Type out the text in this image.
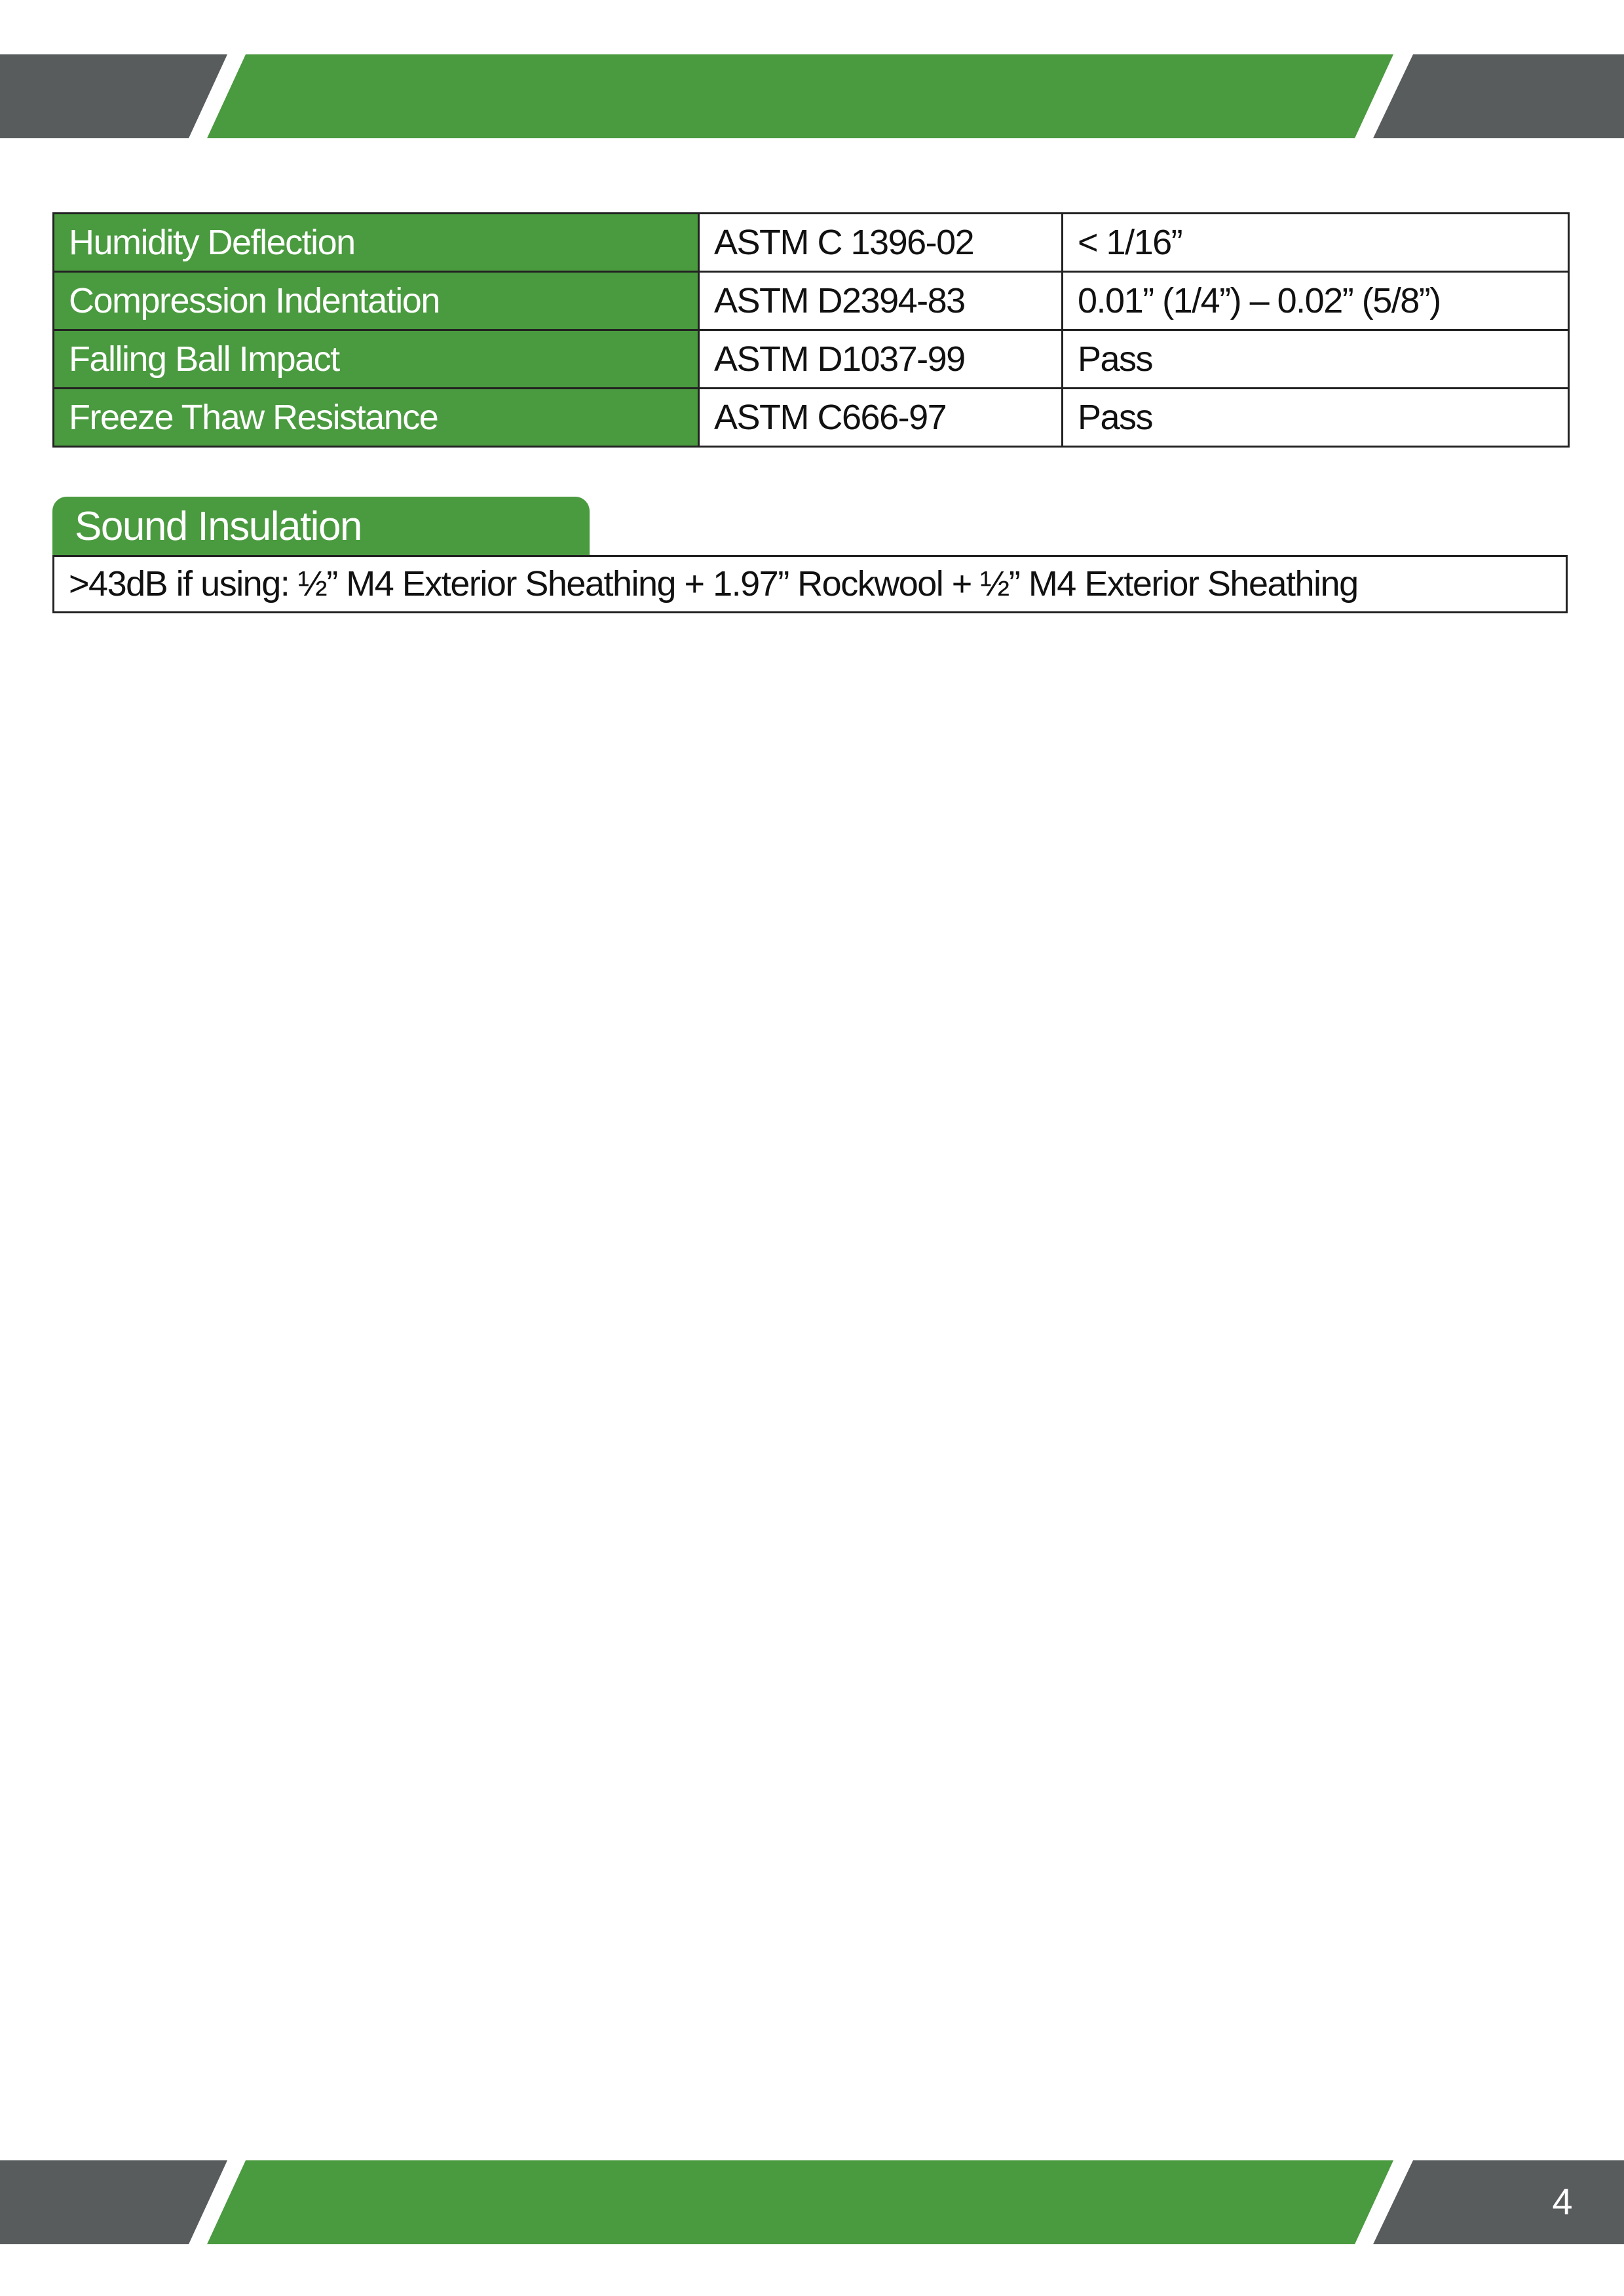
Humidity Deflection	ASTM C 1396-02	< 1/16”
Compression Indentation	ASTM D2394-83	0.01” (1/4”) – 0.02” (5/8”)
Falling Ball Impact	ASTM D1037-99	Pass
Freeze Thaw Resistance	ASTM C666-97	Pass
Sound Insulation
>43dB if using: ½” M4 Exterior Sheathing + 1.97” Rockwool + ½” M4 Exterior Sheathing
4
